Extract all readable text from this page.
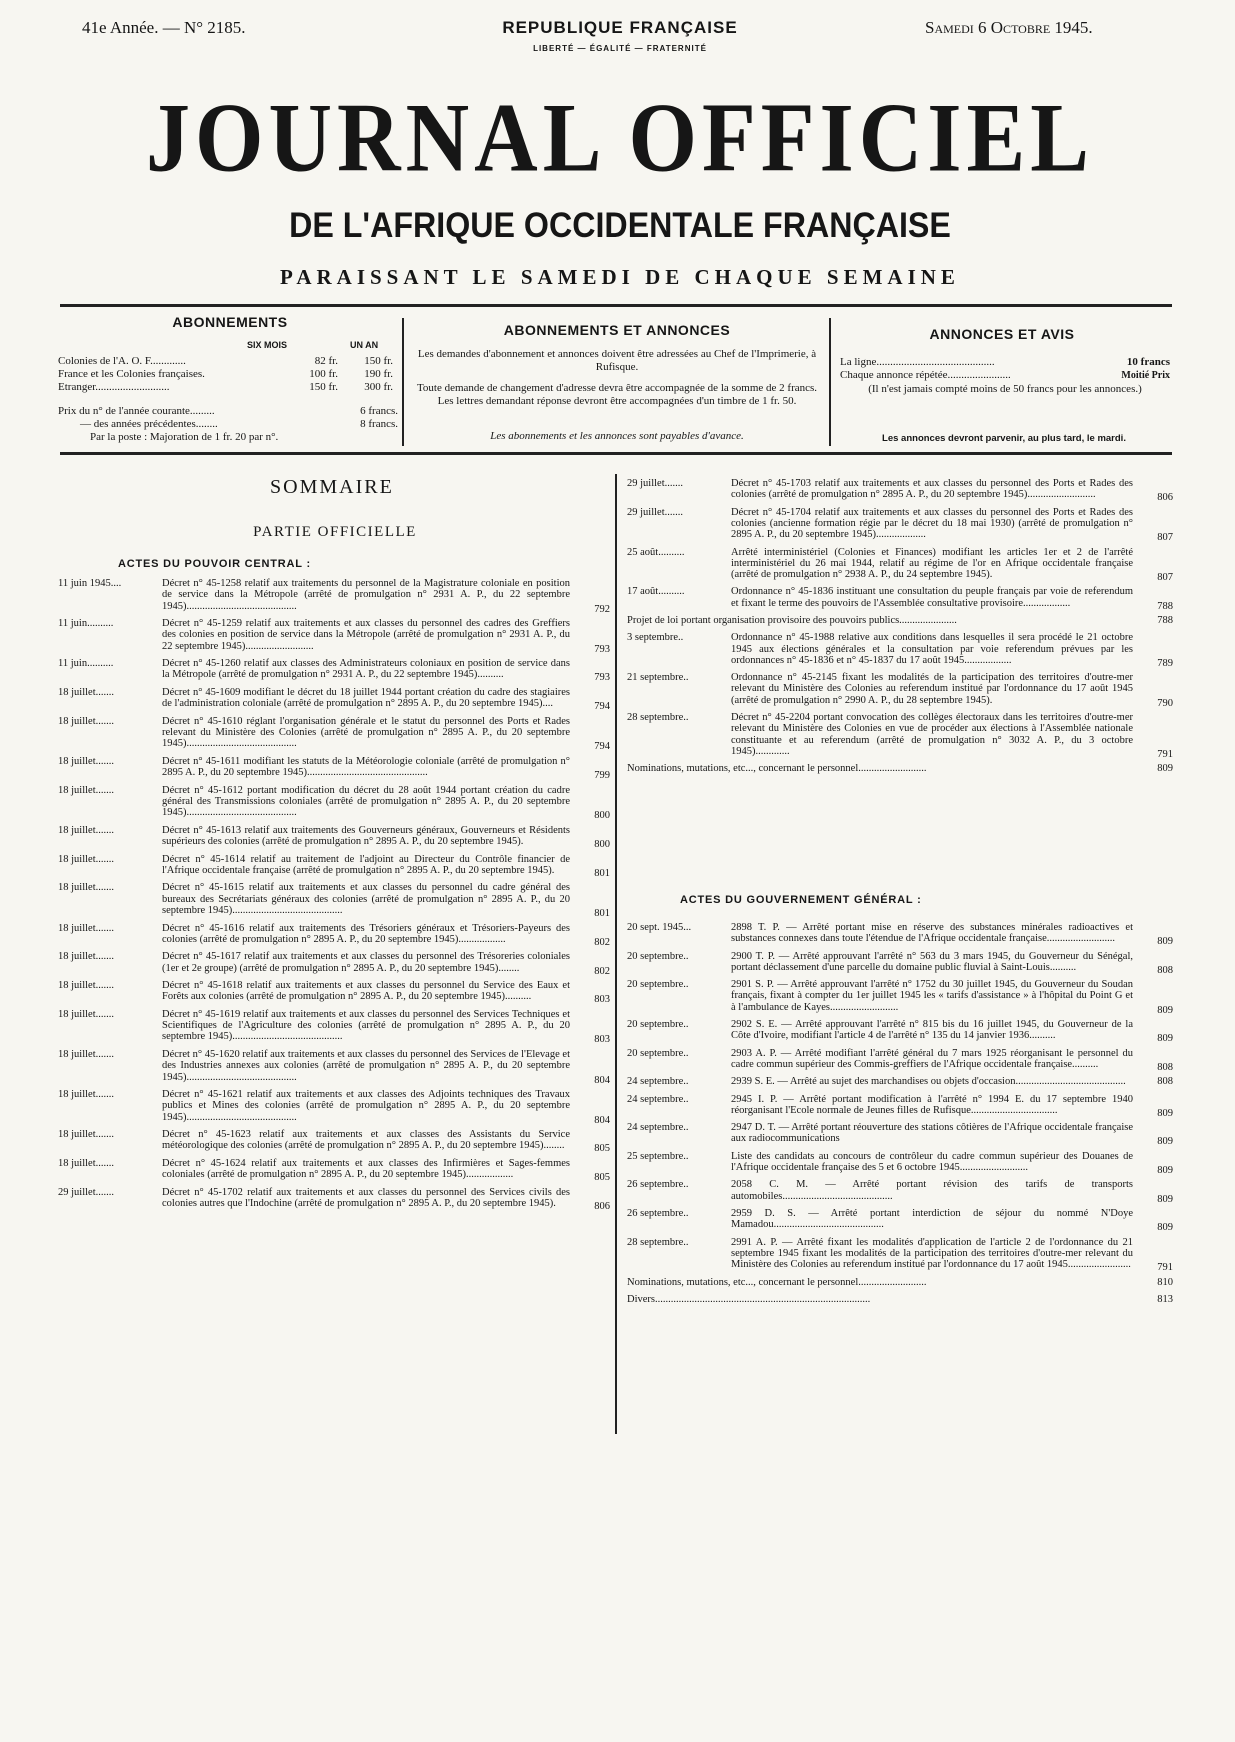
41e Année. — N° 2185.	REPUBLIQUE FRANÇAISE
LIBERTÉ — ÉGALITÉ — FRATERNITÉ
Samedi 6 Octobre 1945.
JOURNAL OFFICIEL
DE L'AFRIQUE OCCIDENTALE FRANÇAISE
PARAISSANT LE SAMEDI DE CHAQUE SEMAINE
ABONNEMENTS
SIX MOIS	UN AN
Colonies de l'A. O. F.............	82 fr.	150 fr.
France et les Colonies françaises.	100 fr.	190 fr.
Etranger...........................	150 fr.	300 fr.
Prix du n° de l'année courante.........	6 francs.
— des années précédentes........	8 francs.
Par la poste : Majoration de 1 fr. 20 par n°.
ABONNEMENTS ET ANNONCES
Les demandes d'abonnement et annonces doivent être adressées au Chef de l'Imprimerie, à Rufisque.
Toute demande de changement d'adresse devra être accompagnée de la somme de 2 francs. Les lettres demandant réponse devront être accompagnées d'un timbre de 1 fr. 50.
Les abonnements et les annonces sont payables d'avance.
ANNONCES ET AVIS
La ligne...........................................	10 francs
Chaque annonce répétée.......................	Moitié Prix
(Il n'est jamais compté moins de 50 francs pour les annonces.)
Les annonces devront parvenir, au plus tard, le mardi.
SOMMAIRE
PARTIE OFFICIELLE
ACTES DU POUVOIR CENTRAL :
ACTES DU GOUVERNEMENT GÉNÉRAL :
11 juin 1945....	Décret n° 45-1258 relatif aux traitements du personnel de la Magistrature coloniale en position de service dans la Métropole (arrêté de promulgation n° 2931 A. P., du 22 septembre 1945)..........................................	792
11 juin..........	Décret n° 45-1259 relatif aux traitements et aux classes du personnel des cadres des Greffiers des colonies en position de service dans la Métropole (arrêté de promulgation n° 2931 A. P., du 22 septembre 1945)..........................	793
11 juin..........	Décret n° 45-1260 relatif aux classes des Administrateurs coloniaux en position de service dans la Métropole (arrêté de promulgation n° 2931 A. P., du 22 septembre 1945)..........	793
18 juillet.......	Décret n° 45-1609 modifiant le décret du 18 juillet 1944 portant création du cadre des stagiaires de l'administration coloniale (arrêté de promulgation n° 2895 A. P., du 20 septembre 1945)....	794
18 juillet.......	Décret n° 45-1610 réglant l'organisation générale et le statut du personnel des Ports et Rades relevant du Ministère des Colonies (arrêté de promulgation n° 2895 A. P., du 20 septembre 1945)..........................................	794
18 juillet.......	Décret n° 45-1611 modifiant les statuts de la Météorologie coloniale (arrêté de promulgation n° 2895 A. P., du 20 septembre 1945)..............................................	799
18 juillet.......	Décret n° 45-1612 portant modification du décret du 28 août 1944 portant création du cadre général des Transmissions coloniales (arrêté de promulgation n° 2895 A. P., du 20 septembre 1945)..........................................	800
18 juillet.......	Décret n° 45-1613 relatif aux traitements des Gouverneurs généraux, Gouverneurs et Résidents supérieurs des colonies (arrêté de promulgation n° 2895 A. P., du 20 septembre 1945).	800
18 juillet.......	Décret n° 45-1614 relatif au traitement de l'adjoint au Directeur du Contrôle financier de l'Afrique occidentale française (arrêté de promulgation n° 2895 A. P., du 20 septembre 1945).	801
18 juillet.......	Décret n° 45-1615 relatif aux traitements et aux classes du personnel du cadre général des bureaux des Secrétariats généraux des colonies (arrêté de promulgation n° 2895 A. P., du 20 septembre 1945)..........................................	801
18 juillet.......	Décret n° 45-1616 relatif aux traitements des Trésoriers généraux et Trésoriers-Payeurs des colonies (arrêté de promulgation n° 2895 A. P., du 20 septembre 1945)..................	802
18 juillet.......	Décret n° 45-1617 relatif aux traitements et aux classes du personnel des Trésoreries coloniales (1er et 2e groupe) (arrêté de promulgation n° 2895 A. P., du 20 septembre 1945)........	802
18 juillet.......	Décret n° 45-1618 relatif aux traitements et aux classes du personnel du Service des Eaux et Forêts aux colonies (arrêté de promulgation n° 2895 A. P., du 20 septembre 1945)..........	803
18 juillet.......	Décret n° 45-1619 relatif aux traitements et aux classes du personnel des Services Techniques et Scientifiques de l'Agriculture des colonies (arrêté de promulgation n° 2895 A. P., du 20 septembre 1945)..........................................	803
18 juillet.......	Décret n° 45-1620 relatif aux traitements et aux classes du personnel des Services de l'Elevage et des Industries annexes aux colonies (arrêté de promulgation n° 2895 A. P., du 20 septembre 1945)..........................................	804
18 juillet.......	Décret n° 45-1621 relatif aux traitements et aux classes des Adjoints techniques des Travaux publics et Mines des colonies (arrêté de promulgation n° 2895 A. P., du 20 septembre 1945)..........................................	804
18 juillet.......	Décret n° 45-1623 relatif aux traitements et aux classes des Assistants du Service météorologique des colonies (arrêté de promulgation n° 2895 A. P., du 20 septembre 1945)........	805
18 juillet.......	Décret n° 45-1624 relatif aux traitements et aux classes des Infirmières et Sages-femmes coloniales (arrêté de promulgation n° 2895 A. P., du 20 septembre 1945)..................	805
29 juillet.......	Décret n° 45-1702 relatif aux traitements et aux classes du personnel des Services civils des colonies autres que l'Indochine (arrêté de promulgation n° 2895 A. P., du 20 septembre 1945).	806
29 juillet.......	Décret n° 45-1703 relatif aux traitements et aux classes du personnel des Ports et Rades des colonies (arrêté de promulgation n° 2895 A. P., du 20 septembre 1945)..........................	806
29 juillet.......	Décret n° 45-1704 relatif aux traitements et aux classes du personnel des Ports et Rades des colonies (ancienne formation régie par le décret du 18 mai 1930) (arrêté de promulgation n° 2895 A. P., du 20 septembre 1945)...................	807
25 août..........	Arrêté interministériel (Colonies et Finances) modifiant les articles 1er et 2 de l'arrêté interministériel du 26 mai 1944, relatif au régime de l'or en Afrique occidentale française (arrêté de promulgation n° 2938 A. P., du 24 septembre 1945).	807
17 août..........	Ordonnance n° 45-1836 instituant une consultation du peuple français par voie de referendum et fixant le terme des pouvoirs de l'Assemblée consultative provisoire..................	788
Projet de loi portant organisation provisoire des pouvoirs publics......................	788
3 septembre..	Ordonnance n° 45-1988 relative aux conditions dans lesquelles il sera procédé le 21 octobre 1945 aux élections générales et la consultation par voie referendum prévues par les ordonnances n° 45-1836 et n° 45-1837 du 17 août 1945..................	789
21 septembre..	Ordonnance n° 45-2145 fixant les modalités de la participation des territoires d'outre-mer relevant du Ministère des Colonies au referendum institué par l'ordonnance du 17 août 1945 (arrêté de promulgation n° 2990 A. P., du 28 septembre 1945).	790
28 septembre..	Décret n° 45-2204 portant convocation des collèges électoraux dans les territoires d'outre-mer relevant du Ministère des Colonies en vue de procéder aux élections à l'Assemblée nationale constituante et au referendum (arrêté de promulgation n° 3032 A. P., du 3 octobre 1945).............	791
Nominations, mutations, etc..., concernant le personnel..........................	809
20 sept. 1945...	2898 T. P. — Arrêté portant mise en réserve des substances minérales radioactives et substances connexes dans toute l'étendue de l'Afrique occidentale française..........................	809
20 septembre..	2900 T. P. — Arrêté approuvant l'arrêté n° 563 du 3 mars 1945, du Gouverneur du Sénégal, portant déclassement d'une parcelle du domaine public fluvial à Saint-Louis..........	808
20 septembre..	2901 S. P. — Arrêté approuvant l'arrêté n° 1752 du 30 juillet 1945, du Gouverneur du Soudan français, fixant à compter du 1er juillet 1945 les « tarifs d'assistance » à l'hôpital du Point G et à l'ambulance de Kayes..........................	809
20 septembre..	2902 S. E. — Arrêté approuvant l'arrêté n° 815 bis du 16 juillet 1945, du Gouverneur de la Côte d'Ivoire, modifiant l'article 4 de l'arrêté n° 135 du 14 janvier 1936..........	809
20 septembre..	2903 A. P. — Arrêté modifiant l'arrêté général du 7 mars 1925 réorganisant le personnel du cadre commun supérieur des Commis-greffiers de l'Afrique occidentale française..........	808
24 septembre..	2939 S. E. — Arrêté au sujet des marchandises ou objets d'occasion..........................................	808
24 septembre..	2945 I. P. — Arrêté portant modification à l'arrêté n° 1994 E. du 17 septembre 1940 réorganisant l'Ecole normale de Jeunes filles de Rufisque.................................	809
24 septembre..	2947 D. T. — Arrêté portant réouverture des stations côtières de l'Afrique occidentale française aux radiocommunications	809
25 septembre..	Liste des candidats au concours de contrôleur du cadre commun supérieur des Douanes de l'Afrique occidentale française des 5 et 6 octobre 1945..........................	809
26 septembre..	2058 C. M. — Arrêté portant révision des tarifs de transports automobiles..........................................	809
26 septembre..	2959 D. S. — Arrêté portant interdiction de séjour du nommé N'Doye Mamadou..........................................	809
28 septembre..	2991 A. P. — Arrêté fixant les modalités d'application de l'article 2 de l'ordonnance du 21 septembre 1945 fixant les modalités de la participation des territoires d'outre-mer relevant du Ministère des Colonies au referendum institué par l'ordonnance du 17 août 1945........................	791
Nominations, mutations, etc..., concernant le personnel..........................	810
Divers..................................................................................	813
